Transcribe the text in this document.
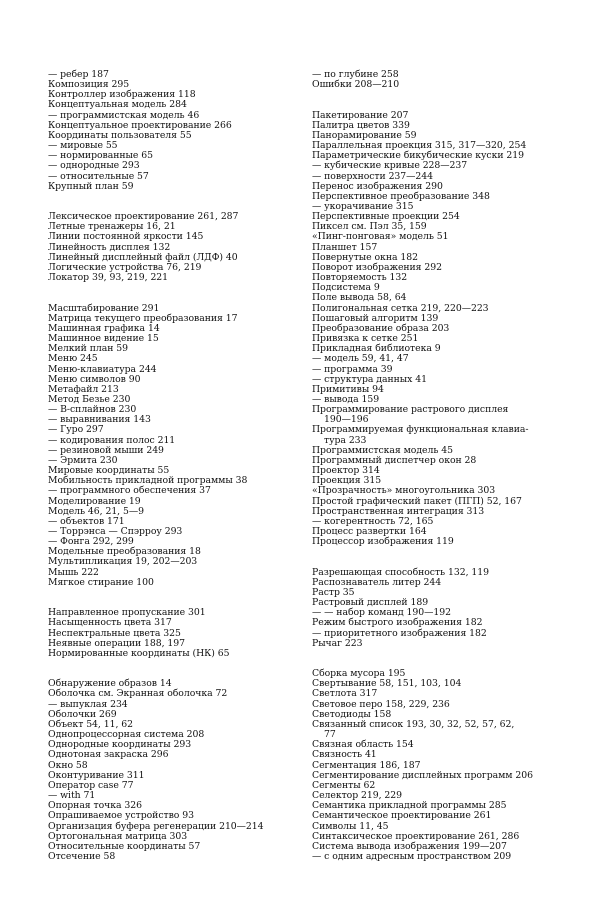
— ребер 187
Композиция 295
Контроллер изображения 118
Концептуальная модель 284
— программистская модель 46
Концептуальное проектирование 266
Координаты пользователя 55
— мировые 55
— нормированные 65
— однородные 293
— относительные 57
Крупный план 59
Лексическое проектирование 261, 287
Летные тренажеры 16, 21
Линии постоянной яркости 145
Линейность дисплея 132
Линейный дисплейный файл (ЛДФ) 40
Логические устройства 76, 219
Локатор 39, 93, 219, 221
Масштабирование 291
Матрица текущего преобразования 17
Машинная графика 14
Машинное видение 15
Мелкий план 59
Меню 245
Меню-клавиатура 244
Меню символов 90
Метафайл 213
Метод Безье 230
— В-сплайнов 230
— выравнивания 143
— Гуро 297
— кодирования полос 211
— резиновой мыши 249
— Эрмита 230
Мировые координаты 55
Мобильность прикладной программы 38
— программного обеспечения 37
Моделирование 19
Модель 46, 21, 5—9
— объектов 171
— Торрэнса — Спэрроу 293
— Фонга 292, 299
Модельные преобразования 18
Мультипликация 19, 202—203
Мышь 222
Мягкое стирание 100
Направленное пропускание 301
Насыщенность цвета 317
Неспектральные цвета 325
Неявные операции 188, 197
Нормированные координаты (НК) 65
Обнаружение образов 14
Оболочка см. Экранная оболочка 72
— выпуклая 234
Оболочки 269
Объект 54, 11, 62
Однопроцессорная система 208
Однородные координаты 293
Однотоная закраска 296
Окно 58
Оконтуривание 311
Оператор case 77
— with 71
Опорная точка 326
Опрашиваемое устройство 93
Организация буфера регенерации 210—214
Ортогональная матрица 303
Относительные координаты 57
Отсечение 58
— по глубине 258
Ошибки 208—210
Пакетирование 207
Палитра цветов 339
Панорамирование 59
Параллельная проекция 315, 317—320, 254
Параметрические бикубические куски 219
— кубические кривые 228—237
— поверхности 237—244
Перенос изображения 290
Перспективное преобразование 348
— укорачивание 315
Перспективные проекции 254
Пиксел см. Пэл 35, 159
«Пинг-понговая» модель 51
Планшет 157
Повернутые окна 182
Поворот изображения 292
Повторяемость 132
Подсистема 9
Поле вывода 58, 64
Полигональная сетка 219, 220—223
Пошаговый алгоритм 139
Преобразование образа 203
Привязка к сетке 251
Прикладная библиотека 9
— модель 59, 41, 47
— программа 39
— структура данных 41
Примитивы 94
— вывода 159
Программирование растрового дисплея
190—196
Программируемая функциональная клавиа-
тура 233
Программистская модель 45
Программный диспетчер окон 28
Проектор 314
Проекция 315
«Прозрачность» многоугольника 303
Простой графический пакет (ПГП) 52, 167
Пространственная интеграция 313
— когерентность 72, 165
Процесс развертки 164
Процессор изображения 119
Разрешающая способность 132, 119
Распознаватель литер 244
Растр 35
Растровый дисплей 189
— — набор команд 190—192
Режим быстрого изображения 182
— приоритетного изображения 182
Рычаг 223
Сборка мусора 195
Свертывание 58, 151, 103, 104
Светлота 317
Световое перо 158, 229, 236
Светодиоды 158
Связанный список 193, 30, 32, 52, 57, 62,
77
Связная область 154
Связность 41
Сегментация 186, 187
Сегментирование дисплейных программ 206
Сегменты 62
Селектор 219, 229
Семантика прикладной программы 285
Семантическое проектирование 261
Символы 11, 45
Синтаксическое проектирование 261, 286
Система вывода изображения 199—207
— с одним адресным пространством 209
